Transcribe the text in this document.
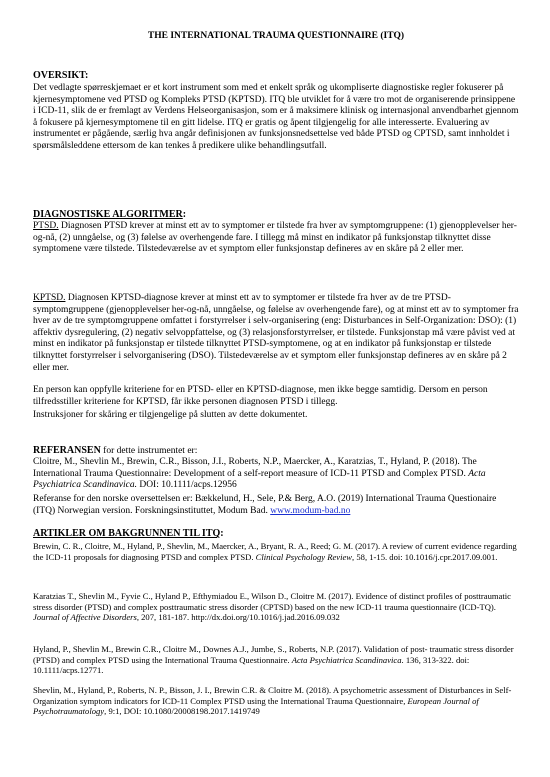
THE INTERNATIONAL TRAUMA QUESTIONNAIRE (ITQ)
OVERSIKT:

Det vedlagte spørreskjemaet er et kort instrument som med et enkelt språk og ukompliserte diagnostiske regler fokuserer på kjernesymptomene ved PTSD og Kompleks PTSD (KPTSD). ITQ ble utviklet for å være tro mot de organiserende prinsippene i ICD-11, slik de er fremlagt av Verdens Helseorganisasjon, som er å maksimere klinisk og internasjonal anvendbarhet gjennom å fokusere på kjernesymptomene til en gitt lidelse. ITQ er gratis og åpent tilgjengelig for alle interesserte. Evaluering av instrumentet er pågående, særlig hva angår definisjonen av funksjonsnedsettelse ved både PTSD og CPTSD, samt innholdet i spørsmålsleddene ettersom de kan tenkes å predikere ulike behandlingsutfall.

DIAGNOSTISKE ALGORITMER:

PTSD. Diagnosen PTSD krever at minst ett av to symptomer er tilstede fra hver av symptomgruppene: (1) gjenopplevelser her-og-nå, (2) unngåelse, og (3) følelse av overhengende fare. I tillegg må minst en indikator på funksjonstap tilknyttet disse symptomene være tilstede. Tilstedeværelse av et symptom eller funksjonstap defineres av en skåre på 2 eller mer.

KPTSD. Diagnosen KPTSD-diagnose krever at minst ett av to symptomer er tilstede fra hver av de tre PTSD-symptomgruppene (gjenopplevelser her-og-nå, unngåelse, og følelse av overhengende fare), og at minst ett av to symptomer fra hver av de tre symptomgruppene omfattet i forstyrrelser i selv-organisering (eng: Disturbances in Self-Organization: DSO): (1) affektiv dysregulering, (2) negativ selvoppfattelse, og (3) relasjonsforstyrrelser, er tilstede. Funksjonstap må være påvist ved at minst en indikator på funksjonstap er tilstede tilknyttet PTSD-symptomene, og at en indikator på funksjonstap er tilstede tilknyttet forstyrrelser i selvorganisering (DSO). Tilstedeværelse av et symptom eller funksjonstap defineres av en skåre på 2 eller mer.

En person kan oppfylle kriteriene for en PTSD- eller en KPTSD-diagnose, men ikke begge samtidig. Dersom en person tilfredsstiller kriteriene for KPTSD, får ikke personen diagnosen PTSD i tillegg.

Instruksjoner for skåring er tilgjengelige på slutten av dette dokumentet.

REFERANSEN for dette instrumentet er:

Cloitre, M., Shevlin M., Brewin, C.R., Bisson, J.I., Roberts, N.P., Maercker, A., Karatzias, T., Hyland, P. (2018). The International Trauma Questionnaire: Development of a self-report measure of ICD-11 PTSD and Complex PTSD. Acta Psychiatrica Scandinavica. DOI: 10.1111/acps.12956

Referanse for den norske oversettelsen er: Bækkelund, H., Sele, P.& Berg, A.O. (2019) International Trauma Questionaire (ITQ) Norwegian version. Forskningsinstituttet, Modum Bad. www.modum-bad.no

ARTIKLER OM BAKGRUNNEN TIL ITQ:

Brewin, C. R., Cloitre, M., Hyland, P., Shevlin, M., Maercker, A., Bryant, R. A., Reed; G. M. (2017). A review of current evidence regarding the ICD-11 proposals for diagnosing PTSD and complex PTSD. Clinical Psychology Review, 58, 1-15. doi: 10.1016/j.cpr.2017.09.001.

Karatzias T., Shevlin M., Fyvie C., Hyland P., Efthymiadou E., Wilson D., Cloitre M. (2017). Evidence of distinct profiles of posttraumatic stress disorder (PTSD) and complex posttraumatic stress disorder (CPTSD) based on the new ICD-11 trauma questionnaire (ICD-TQ). Journal of Affective Disorders, 207, 181-187. http://dx.doi.org/10.1016/j.jad.2016.09.032

Hyland, P., Shevlin M., Brewin C.R., Cloitre M., Downes A.J., Jumbe, S., Roberts, N.P. (2017). Validation of post- traumatic stress disorder (PTSD) and complex PTSD using the International Trauma Questionnaire. Acta Psychiatrica Scandinavica. 136, 313-322. doi: 10.1111/acps.12771.

Shevlin, M., Hyland, P., Roberts, N. P., Bisson, J. I., Brewin C.R. & Cloitre M. (2018). A psychometric assessment of Disturbances in Self-Organization symptom indicators for ICD-11 Complex PTSD using the International Trauma Questionnaire, European Journal of Psychotraumatology, 9:1, DOI: 10.1080/20008198.2017.1419749
